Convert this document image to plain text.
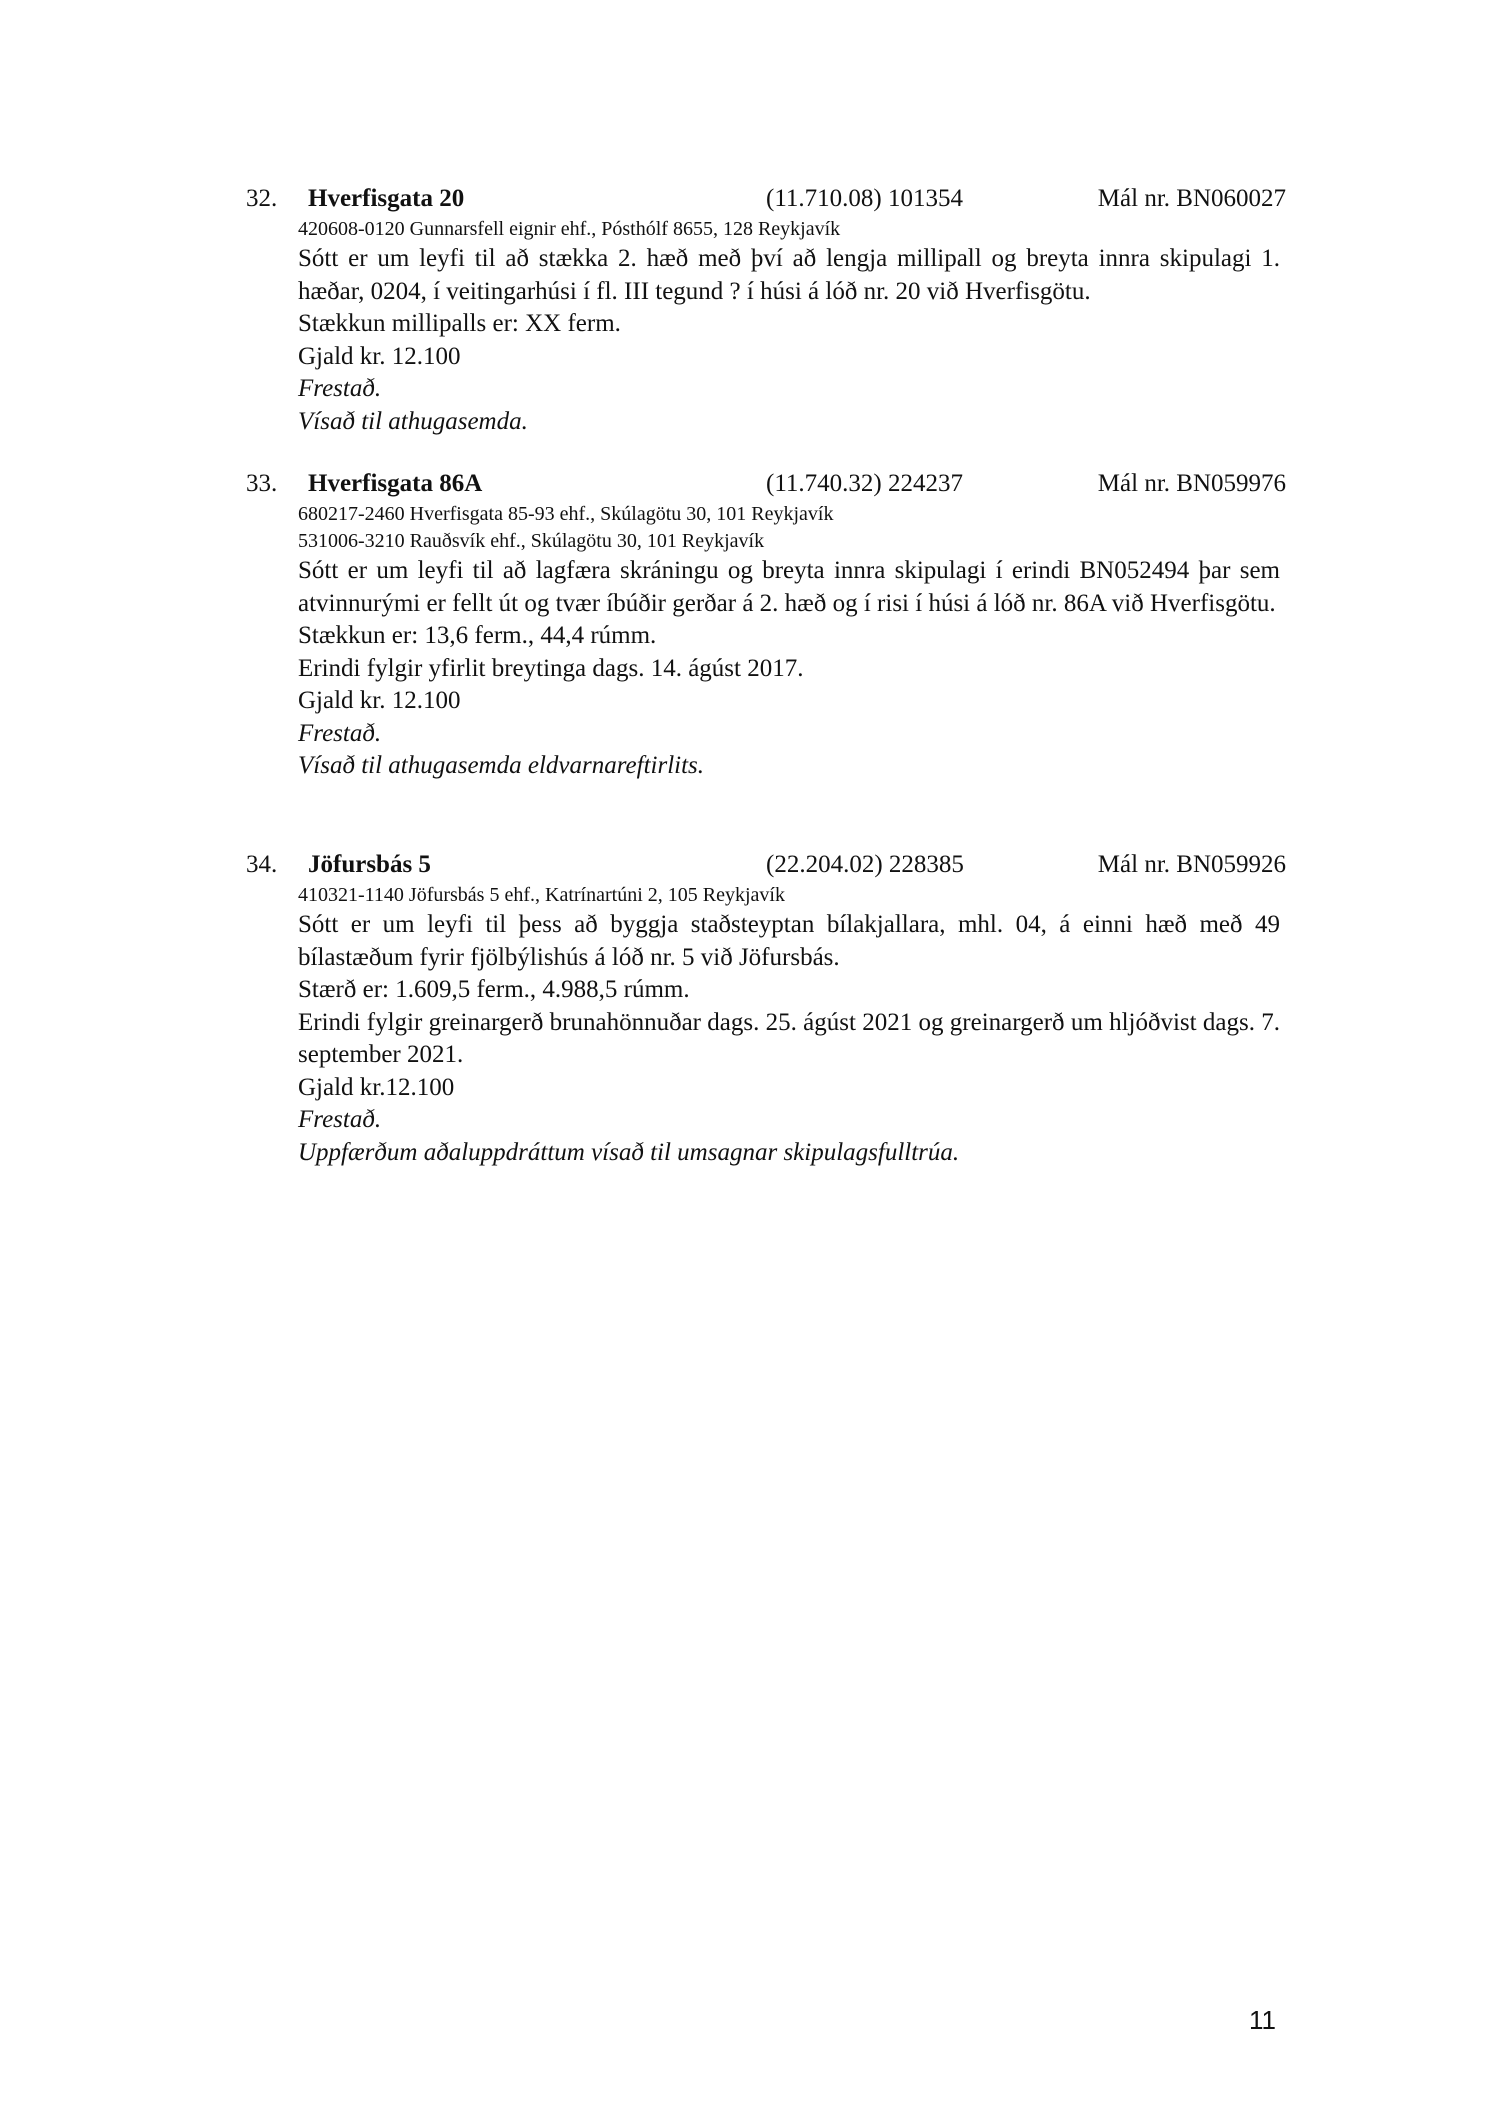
32. Hverfisgata 20	(11.710.08) 101354	Mál nr. BN060027
420608-0120 Gunnarsfell eignir ehf., Pósthólf 8655, 128 Reykjavík

Sótt er um leyfi til að stækka 2. hæð með því að lengja millipall og breyta innra skipulagi 1. hæðar, 0204, í veitingarhúsi í fl. III tegund ? í húsi á lóð nr. 20 við Hverfisgötu.

Stækkun millipalls er: XX ferm.
Gjald kr. 12.100
Frestað.
Vísað til athugasemda.
33. Hverfisgata 86A	(11.740.32) 224237	Mál nr. BN059976
680217-2460 Hverfisgata 85-93 ehf., Skúlagötu 30, 101 Reykjavík
531006-3210 Rauðsvík ehf., Skúlagötu 30, 101 Reykjavík

Sótt er um leyfi til að lagfæra skráningu og breyta innra skipulagi í erindi BN052494 þar sem atvinnurými er fellt út og tvær íbúðir gerðar á 2. hæð og í risi í húsi á lóð nr. 86A við Hverfisgötu.

Stækkun er: 13,6 ferm., 44,4 rúmm.
Erindi fylgir yfirlit breytinga dags. 14. ágúst 2017.
Gjald kr. 12.100
Frestað.
Vísað til athugasemda eldvarnareftirlits.
34. Jöfursbás 5	(22.204.02) 228385	Mál nr. BN059926
410321-1140 Jöfursbás 5 ehf., Katrínartúni 2, 105 Reykjavík

Sótt er um leyfi til þess að byggja staðsteyptan bílakjallara, mhl. 04, á einni hæð með 49 bílastæðum fyrir fjölbýlishús á lóð nr. 5 við Jöfursbás.

Stærð er: 1.609,5 ferm., 4.988,5 rúmm.

Erindi fylgir greinargerð brunahönnuðar dags. 25. ágúst 2021 og greinargerð um hljóðvist dags. 7. september 2021.

Gjald kr.12.100
Frestað.
Uppfærðum aðaluppdráttum vísað til umsagnar skipulagsfulltrúa.
11
